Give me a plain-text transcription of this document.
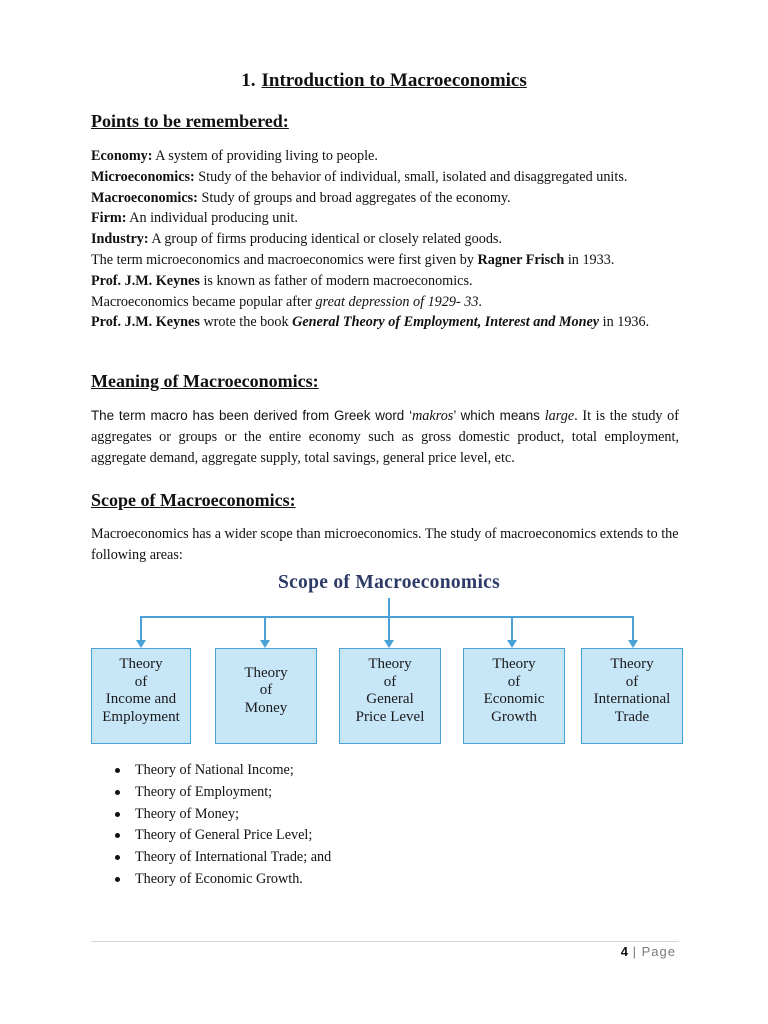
1. Introduction to Macroeconomics
Points to be remembered:

Economy: A system of providing living to people.

Microeconomics: Study of the behavior of individual, small, isolated and disaggregated units.

Macroeconomics: Study of groups and broad aggregates of the economy.

Firm: An individual producing unit.

Industry: A group of firms producing identical or closely related goods.

The term microeconomics and macroeconomics were first given by Ragner Frisch in 1933.

Prof. J.M. Keynes is known as father of modern macroeconomics.

Macroeconomics became popular after great depression of 1929- 33.

Prof. J.M. Keynes wrote the book General Theory of Employment, Interest and Money in 1936.

Meaning of Macroeconomics:
The term macro has been derived from Greek word ‘makros’ which means large. It is the study of aggregates or groups or the entire economy such as gross domestic product, total employment, aggregate demand, aggregate supply, total savings, general price level, etc.
Scope of Macroeconomics:
Macroeconomics has a wider scope than microeconomics. The study of macroeconomics extends to the following areas:
Scope of Macroeconomics
Theory
of
Income and
Employment
Theory
of
Money
Theory
of
General
Price Level
Theory
of
Economic
Growth
Theory
of
International
Trade
Theory of National Income;
Theory of Employment;
Theory of Money;
Theory of General Price Level;
Theory of International Trade; and
Theory of Economic Growth.
4 | Page
